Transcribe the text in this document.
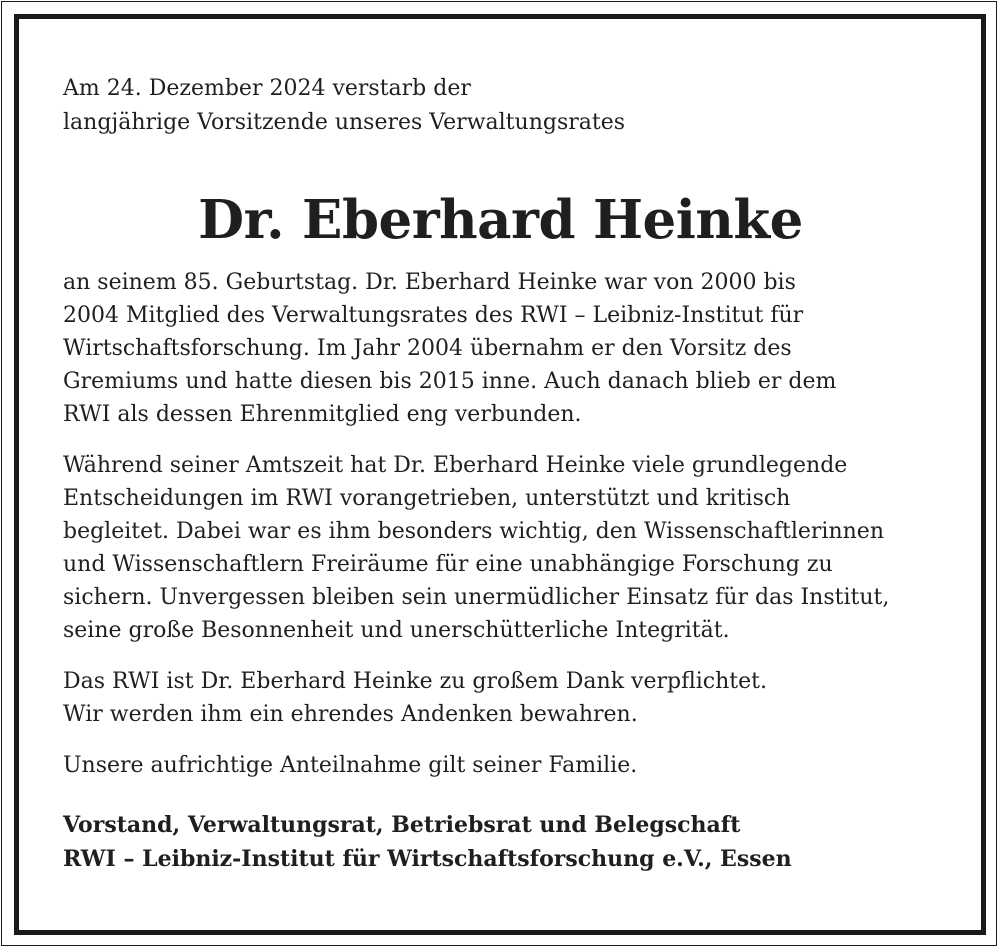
Am 24. Dezember 2024 verstarb der
langjährige Vorsitzende unseres Verwaltungsrates

Dr. Eberhard Heinke

an seinem 85. Geburtstag. Dr. Eberhard Heinke war von 2000 bis
2004 Mitglied des Verwaltungsrates des RWI – Leibniz-Institut für
Wirtschaftsforschung. Im Jahr 2004 übernahm er den Vorsitz des
Gremiums und hatte diesen bis 2015 inne. Auch danach blieb er dem
RWI als dessen Ehrenmitglied eng verbunden.

Während seiner Amtszeit hat Dr. Eberhard Heinke viele grundlegende
Entscheidungen im RWI vorangetrieben, unterstützt und kritisch
begleitet. Dabei war es ihm besonders wichtig, den Wissenschaftlerinnen
und Wissenschaftlern Freiräume für eine unabhängige Forschung zu
sichern. Unvergessen bleiben sein unermüdlicher Einsatz für das Institut,
seine große Besonnenheit und unerschütterliche Integrität.

Das RWI ist Dr. Eberhard Heinke zu großem Dank verpflichtet.
Wir werden ihm ein ehrendes Andenken bewahren.

Unsere aufrichtige Anteilnahme gilt seiner Familie.

Vorstand, Verwaltungsrat, Betriebsrat und Belegschaft
RWI – Leibniz-Institut für Wirtschaftsforschung e.V., Essen
